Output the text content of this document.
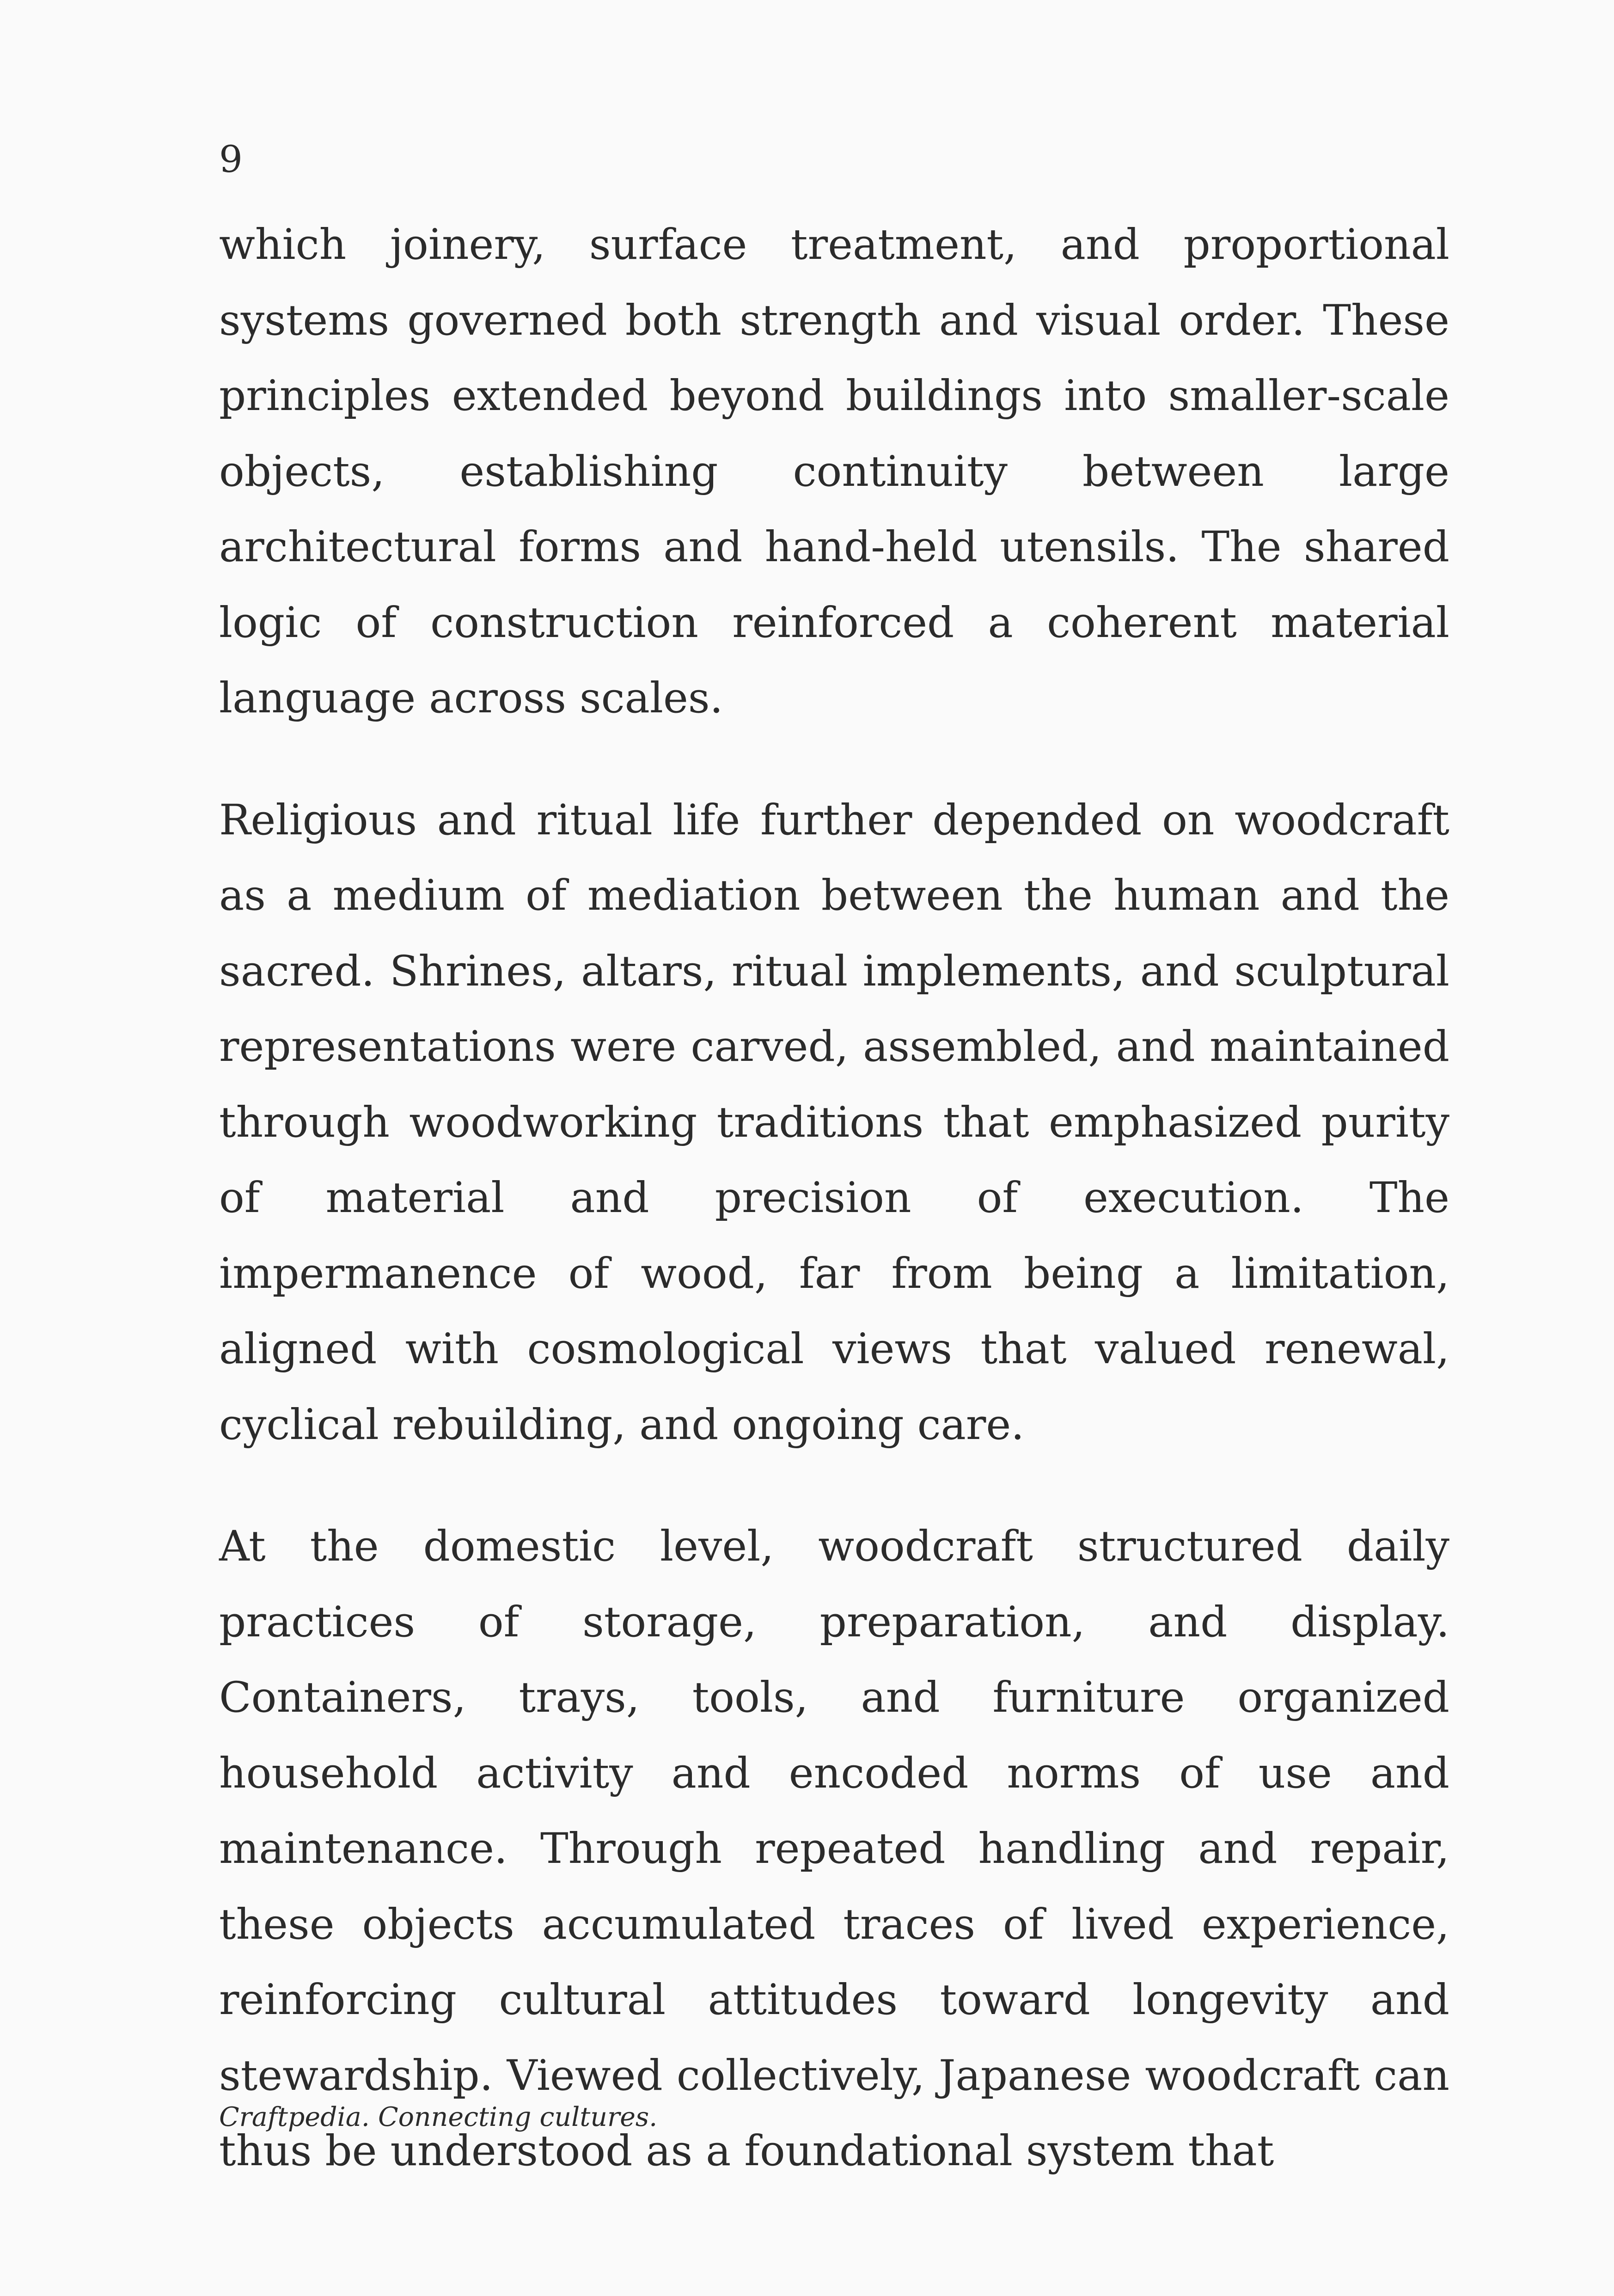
9

which joinery, surface treatment, and proportional systems governed both strength and visual order. These principles extended beyond buildings into smaller-scale objects, establishing continuity between large architectural forms and hand-held utensils. The shared logic of construction reinforced a coherent material language across scales.

Religious and ritual life further depended on woodcraft as a medium of mediation between the human and the sacred. Shrines, altars, ritual implements, and sculptural representations were carved, assembled, and maintained through woodworking traditions that emphasized purity of material and precision of execution. The impermanence of wood, far from being a limitation, aligned with cosmological views that valued renewal, cyclical rebuilding, and ongoing care.

At the domestic level, woodcraft structured daily practices of storage, preparation, and display. Containers, trays, tools, and furniture organized household activity and encoded norms of use and maintenance. Through repeated handling and repair, these objects accumulated traces of lived experience, reinforcing cultural attitudes toward longevity and stewardship. Viewed collectively, Japanese woodcraft can thus be understood as a foundational system that

Craftpedia. Connecting cultures.
